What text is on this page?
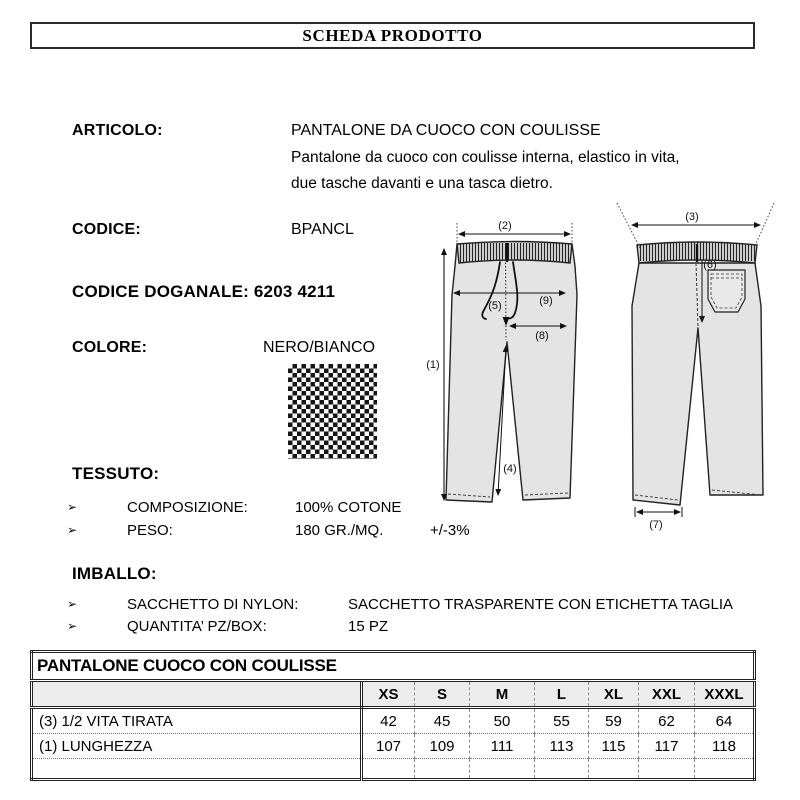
SCHEDA PRODOTTO
ARTICOLO:	PANTALONE DA CUOCO CON COULISSE
Pantalone da cuoco con coulisse interna, elastico in vita,
due tasche davanti e una tasca dietro.
CODICE:	BPANCL
CODICE DOGANALE: 6203 4211
COLORE:	NERO/BIANCO
TESSUTO:
➢	COMPOSIZIONE:	100% COTONE
➢	PESO:	180 GR./MQ.	+/-3%
IMBALLO:
➢	SACCHETTO DI NYLON:	SACCHETTO TRASPARENTE CON ETICHETTA TAGLIA
➢	QUANTITA’ PZ/BOX:	15 PZ
(2)
(1)
(9)
(5)
(8)
(4)
(3)
(6)
(7)
PANTALONE CUOCO CON COULISSE							
	XS	S	M	L	XL	XXL	XXXL
(3) 1/2 VITA TIRATA	42	45	50	55	59	62	64
(1) LUNGHEZZA	107	109	111	113	115	117	118
